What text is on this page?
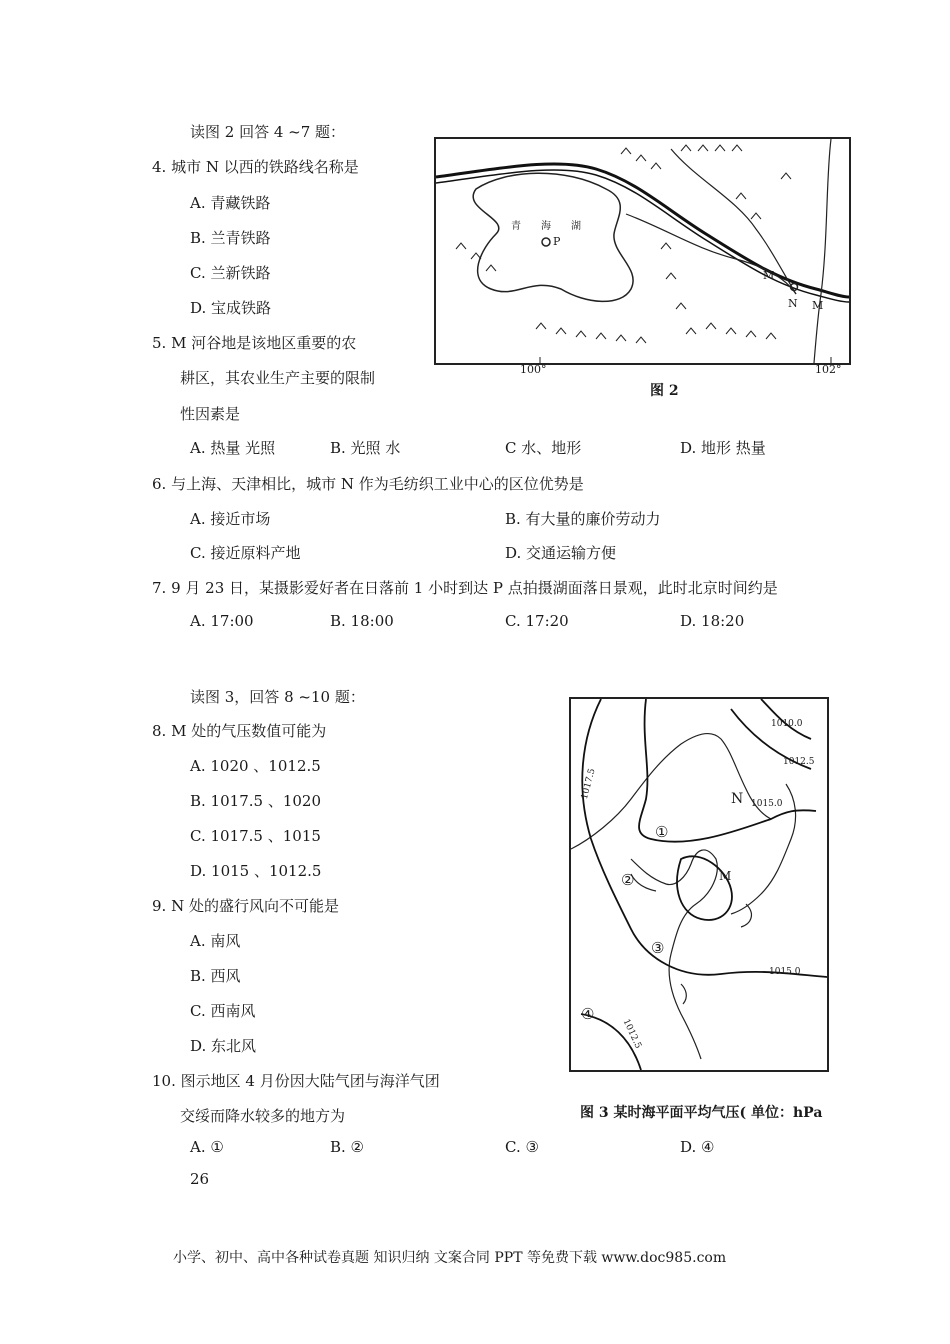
读图 2 回答 4 ~7 题：
4. 城市 N 以西的铁路线名称是
A. 青藏铁路
B. 兰青铁路
C. 兰新铁路
D. 宝成铁路
5. M 河谷地是该地区重要的农
耕区，其农业生产主要的限制
性因素是
A. 热量 光照	B. 光照 水	C 水、地形	D. 地形 热量
6. 与上海、天津相比，城市 N 作为毛纺织工业中心的区位优势是
A. 接近市场	B. 有大量的廉价劳动力
C. 接近原料产地	D. 交通运输方便
7. 9 月 23 日，某摄影爱好者在日落前 1 小时到达 P 点拍摄湖面落日景观，此时北京时间约是
A. 17:00	B. 18:00	C. 17:20	D. 18:20
青 海 湖
P
N
M
M
100°	102°
图 2
读图 3，回答 8 ~10 题：
8. M 处的气压数值可能为
A. 1020 、1012.5
B. 1017.5 、1020
C. 1017.5 、1015
D. 1015 、1012.5
9. N 处的盛行风向不可能是
A. 南风
B. 西风
C. 西南风
D. 东北风
10. 图示地区 4 月份因大陆气团与海洋气团
交绥而降水较多的地方为
A. ①	B. ②	C. ③	D. ④
1010.0
1012.5
1017.5
1015.0
1015.0
1012.5
①
②
③
④
N
M
图 3 某时海平面平均气压( 单位：hPa
26
小学、初中、高中各种试卷真题 知识归纳 文案合同 PPT 等免费下载 www.doc985.com
